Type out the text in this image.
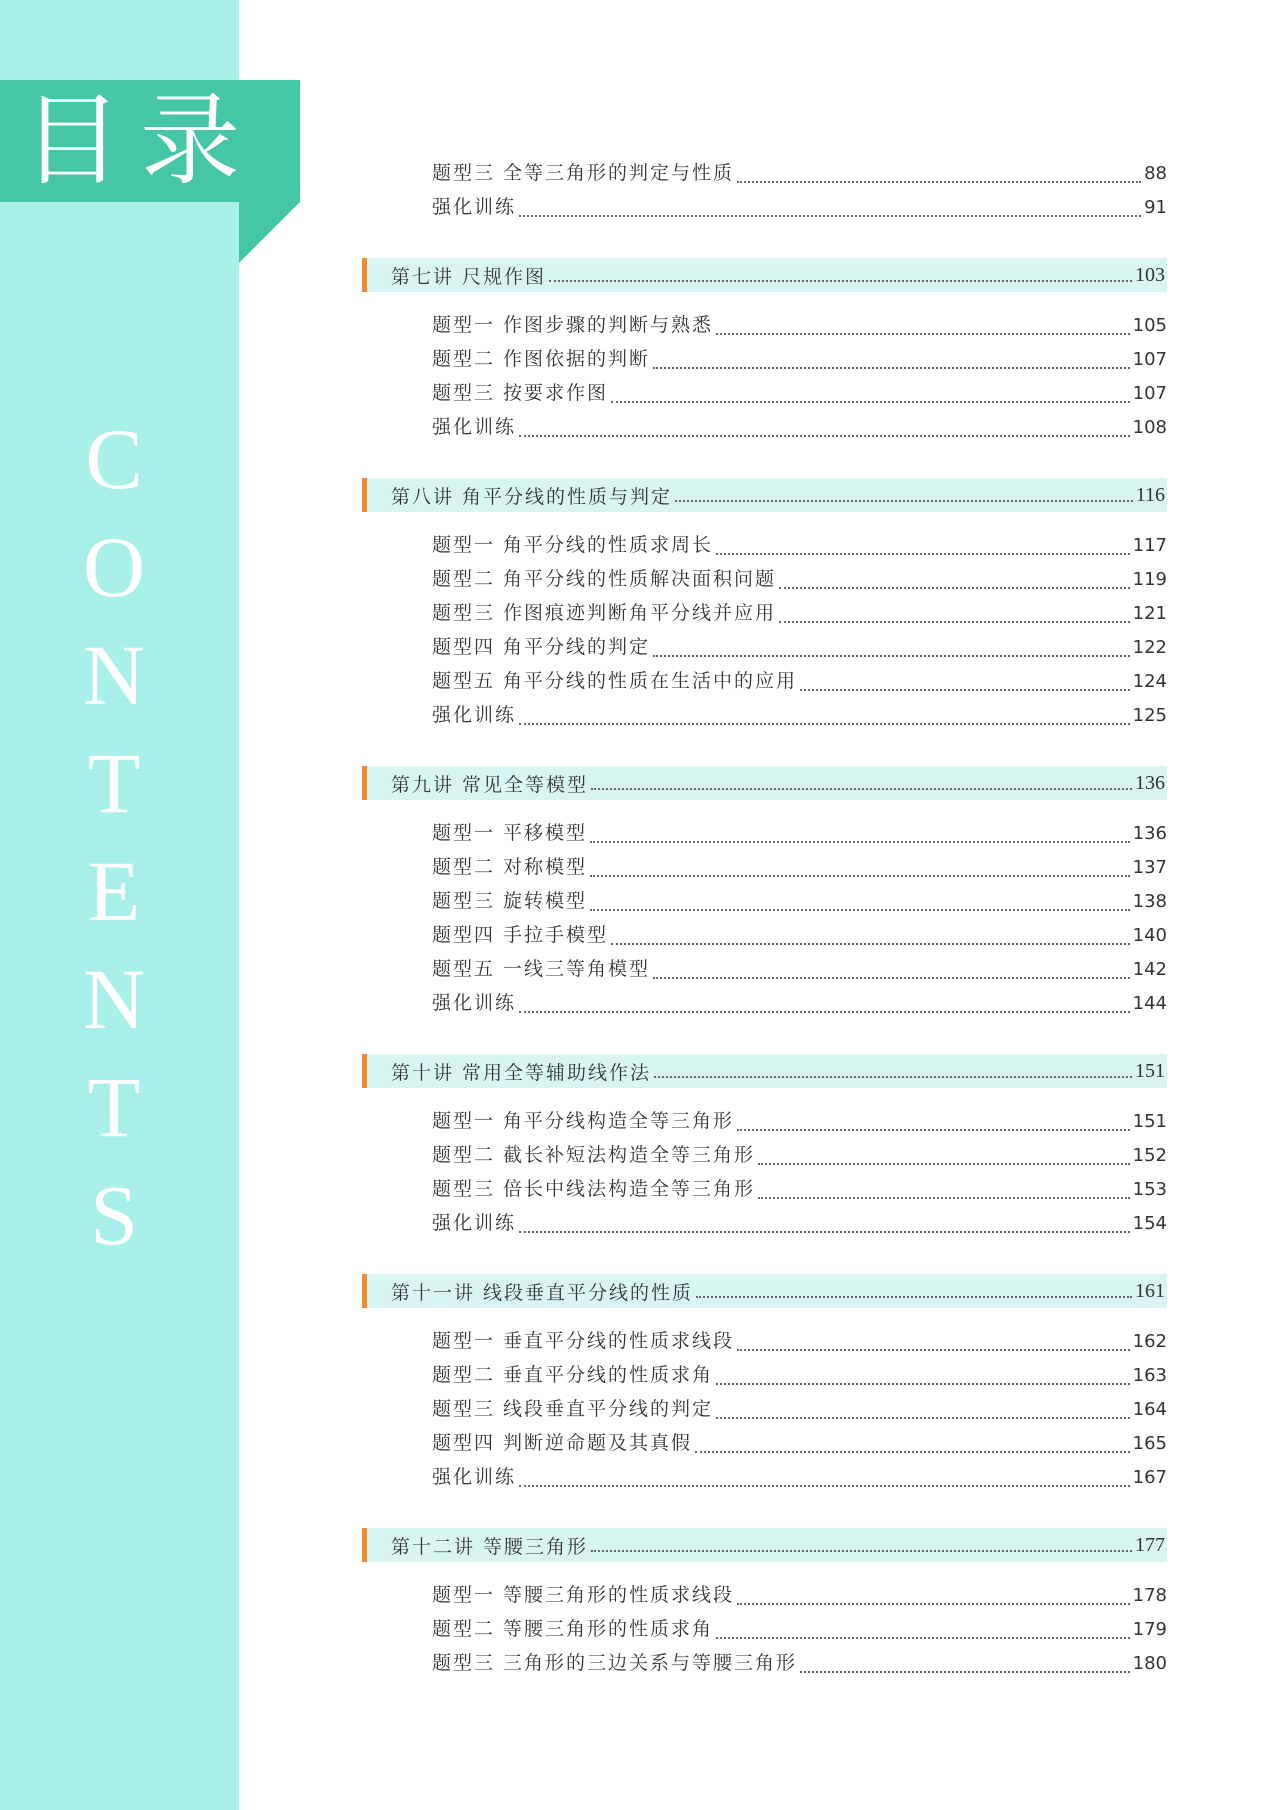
目录
C
O
N
T
E
N
T
S
题型三 全等三角形的判定与性质	88
强化训练	91
第七讲 尺规作图	103
题型一 作图步骤的判断与熟悉	105
题型二 作图依据的判断	107
题型三 按要求作图	107
强化训练	108
第八讲 角平分线的性质与判定	116
题型一 角平分线的性质求周长	117
题型二 角平分线的性质解决面积问题	119
题型三 作图痕迹判断角平分线并应用	121
题型四 角平分线的判定	122
题型五 角平分线的性质在生活中的应用	124
强化训练	125
第九讲 常见全等模型	136
题型一 平移模型	136
题型二 对称模型	137
题型三 旋转模型	138
题型四 手拉手模型	140
题型五 一线三等角模型	142
强化训练	144
第十讲 常用全等辅助线作法	151
题型一 角平分线构造全等三角形	151
题型二 截长补短法构造全等三角形	152
题型三 倍长中线法构造全等三角形	153
强化训练	154
第十一讲 线段垂直平分线的性质	161
题型一 垂直平分线的性质求线段	162
题型二 垂直平分线的性质求角	163
题型三 线段垂直平分线的判定	164
题型四 判断逆命题及其真假	165
强化训练	167
第十二讲 等腰三角形	177
题型一 等腰三角形的性质求线段	178
题型二 等腰三角形的性质求角	179
题型三 三角形的三边关系与等腰三角形	180
